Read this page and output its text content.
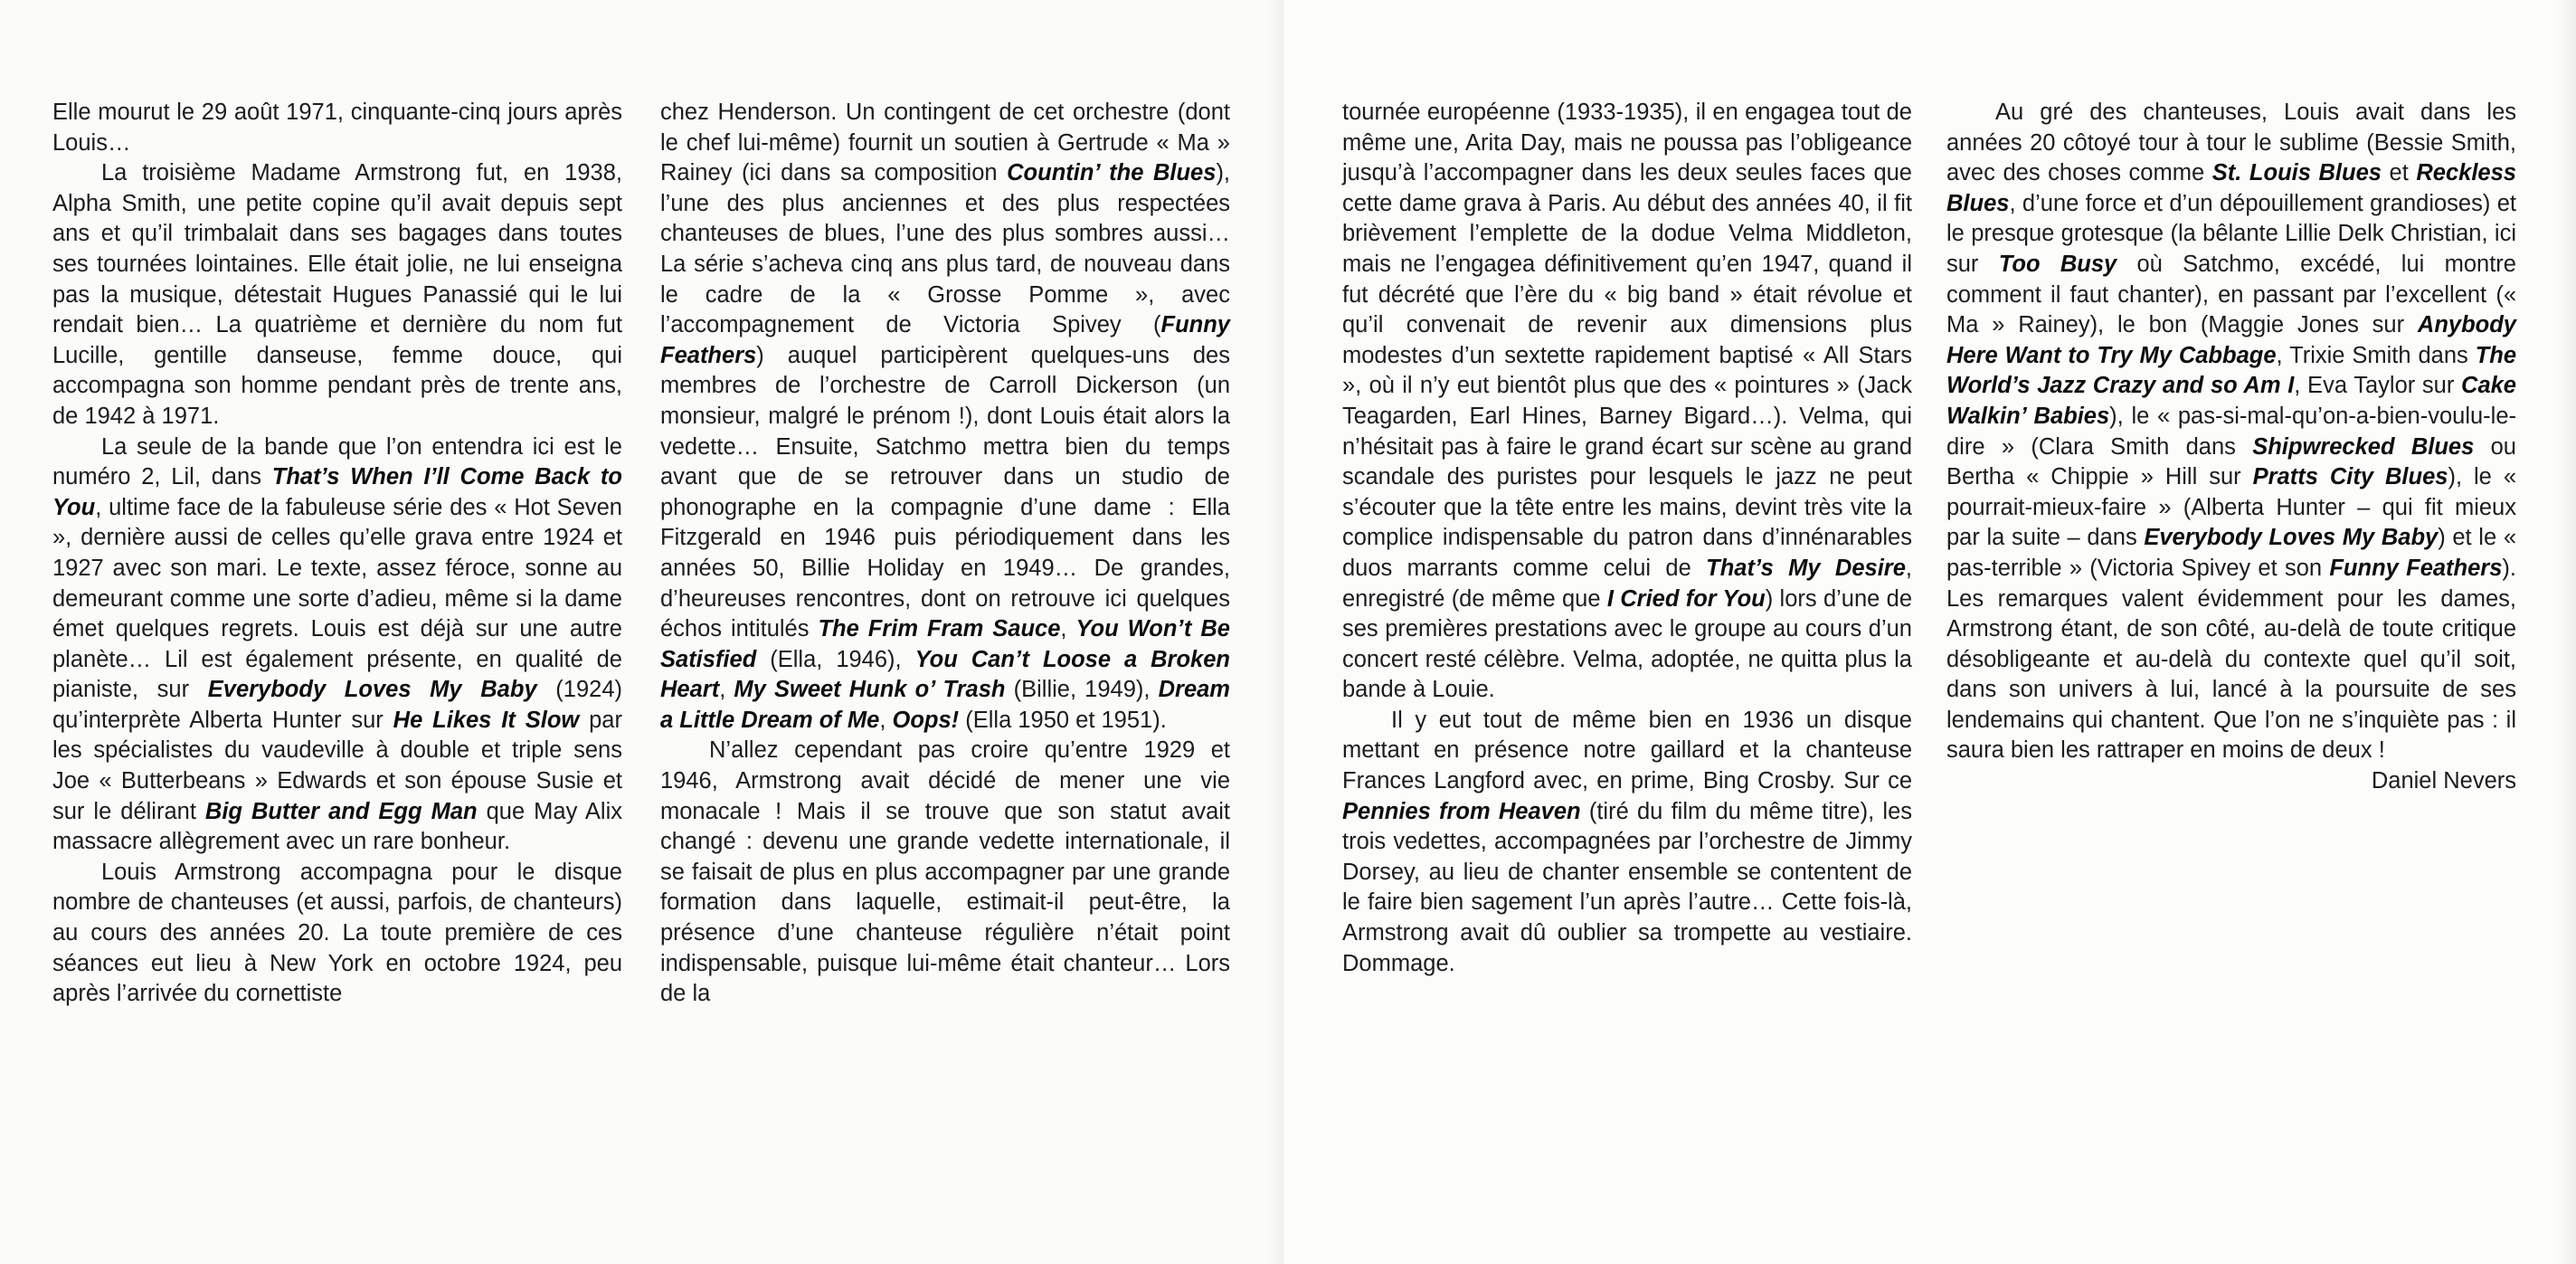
Elle mourut le 29 août 1971, cinquante-cinq jours après Louis…

La troisième Madame Armstrong fut, en 1938, Alpha Smith, une petite copine qu’il avait depuis sept ans et qu’il trimbalait dans ses bagages dans toutes ses tournées lointaines. Elle était jolie, ne lui enseigna pas la musique, détestait Hugues Panassié qui le lui rendait bien… La quatrième et dernière du nom fut Lucille, gentille danseuse, femme douce, qui accompagna son homme pendant près de trente ans, de 1942 à 1971.

La seule de la bande que l’on entendra ici est le numéro 2, Lil, dans That’s When I’ll Come Back to You, ultime face de la fabuleuse série des « Hot Seven », dernière aussi de celles qu’elle grava entre 1924 et 1927 avec son mari. Le texte, assez féroce, sonne au demeurant comme une sorte d’adieu, même si la dame émet quelques regrets. Louis est déjà sur une autre planète… Lil est également présente, en qualité de pianiste, sur Everybody Loves My Baby (1924) qu’interprète Alberta Hunter sur He Likes It Slow par les spécialistes du vaudeville à double et triple sens Joe « Butterbeans » Edwards et son épouse Susie et sur le délirant Big Butter and Egg Man que May Alix massacre allègrement avec un rare bonheur.

Louis Armstrong accompagna pour le disque nombre de chanteuses (et aussi, parfois, de chanteurs) au cours des années 20. La toute première de ces séances eut lieu à New York en octobre 1924, peu après l’arrivée du cornettiste

chez Henderson. Un contingent de cet orchestre (dont le chef lui-même) fournit un soutien à Gertrude « Ma » Rainey (ici dans sa composition Countin’ the Blues), l’une des plus anciennes et des plus respectées chanteuses de blues, l’une des plus sombres aussi… La série s’acheva cinq ans plus tard, de nouveau dans le cadre de la « Grosse Pomme », avec l’accompagnement de Victoria Spivey (Funny Feathers) auquel participèrent quelques-uns des membres de l’orchestre de Carroll Dickerson (un monsieur, malgré le prénom !), dont Louis était alors la vedette… Ensuite, Satchmo mettra bien du temps avant que de se retrouver dans un studio de phonographe en la compagnie d’une dame : Ella Fitzgerald en 1946 puis périodiquement dans les années 50, Billie Holiday en 1949… De grandes, d’heureuses rencontres, dont on retrouve ici quelques échos intitulés The Frim Fram Sauce, You Won’t Be Satisfied (Ella, 1946), You Can’t Loose a Broken Heart, My Sweet Hunk o’ Trash (Billie, 1949), Dream a Little Dream of Me, Oops! (Ella 1950 et 1951).

N’allez cependant pas croire qu’entre 1929 et 1946, Armstrong avait décidé de mener une vie monacale ! Mais il se trouve que son statut avait changé : devenu une grande vedette internationale, il se faisait de plus en plus accompagner par une grande formation dans laquelle, estimait-il peut-être, la présence d’une chanteuse régulière n’était point indispensable, puisque lui-même était chanteur… Lors de la

tournée européenne (1933-1935), il en engagea tout de même une, Arita Day, mais ne poussa pas l’obligeance jusqu’à l’accompagner dans les deux seules faces que cette dame grava à Paris. Au début des années 40, il fit brièvement l’emplette de la dodue Velma Middleton, mais ne l’engagea définitivement qu’en 1947, quand il fut décrété que l’ère du « big band » était révolue et qu’il convenait de revenir aux dimensions plus modestes d’un sextette rapidement baptisé « All Stars », où il n’y eut bientôt plus que des « pointures » (Jack Teagarden, Earl Hines, Barney Bigard…). Velma, qui n’hésitait pas à faire le grand écart sur scène au grand scandale des puristes pour lesquels le jazz ne peut s’écouter que la tête entre les mains, devint très vite la complice indispensable du patron dans d’innénarables duos marrants comme celui de That’s My Desire, enregistré (de même que I Cried for You) lors d’une de ses premières prestations avec le groupe au cours d’un concert resté célèbre. Velma, adoptée, ne quitta plus la bande à Louie.

Il y eut tout de même bien en 1936 un disque mettant en présence notre gaillard et la chanteuse Frances Langford avec, en prime, Bing Crosby. Sur ce Pennies from Heaven (tiré du film du même titre), les trois vedettes, accompagnées par l’orchestre de Jimmy Dorsey, au lieu de chanter ensemble se contentent de le faire bien sagement l’un après l’autre… Cette fois-là, Armstrong avait dû oublier sa trompette au vestiaire. Dommage.

Au gré des chanteuses, Louis avait dans les années 20 côtoyé tour à tour le sublime (Bessie Smith, avec des choses comme St. Louis Blues et Reckless Blues, d’une force et d’un dépouillement grandioses) et le presque grotesque (la bêlante Lillie Delk Christian, ici sur Too Busy où Satchmo, excédé, lui montre comment il faut chanter), en passant par l’excellent (« Ma » Rainey), le bon (Maggie Jones sur Anybody Here Want to Try My Cabbage, Trixie Smith dans The World’s Jazz Crazy and so Am I, Eva Taylor sur Cake Walkin’ Babies), le « pas-si-mal-qu’on-a-bien-voulu-le-dire » (Clara Smith dans Shipwrecked Blues ou Bertha « Chippie » Hill sur Pratts City Blues), le « pourrait-mieux-faire » (Alberta Hunter – qui fit mieux par la suite – dans Everybody Loves My Baby) et le « pas-terrible » (Victoria Spivey et son Funny Feathers). Les remarques valent évidemment pour les dames, Armstrong étant, de son côté, au-delà de toute critique désobligeante et au-delà du contexte quel qu’il soit, dans son univers à lui, lancé à la poursuite de ses lendemains qui chantent. Que l’on ne s’inquiète pas : il saura bien les rattraper en moins de deux !

Daniel Nevers
